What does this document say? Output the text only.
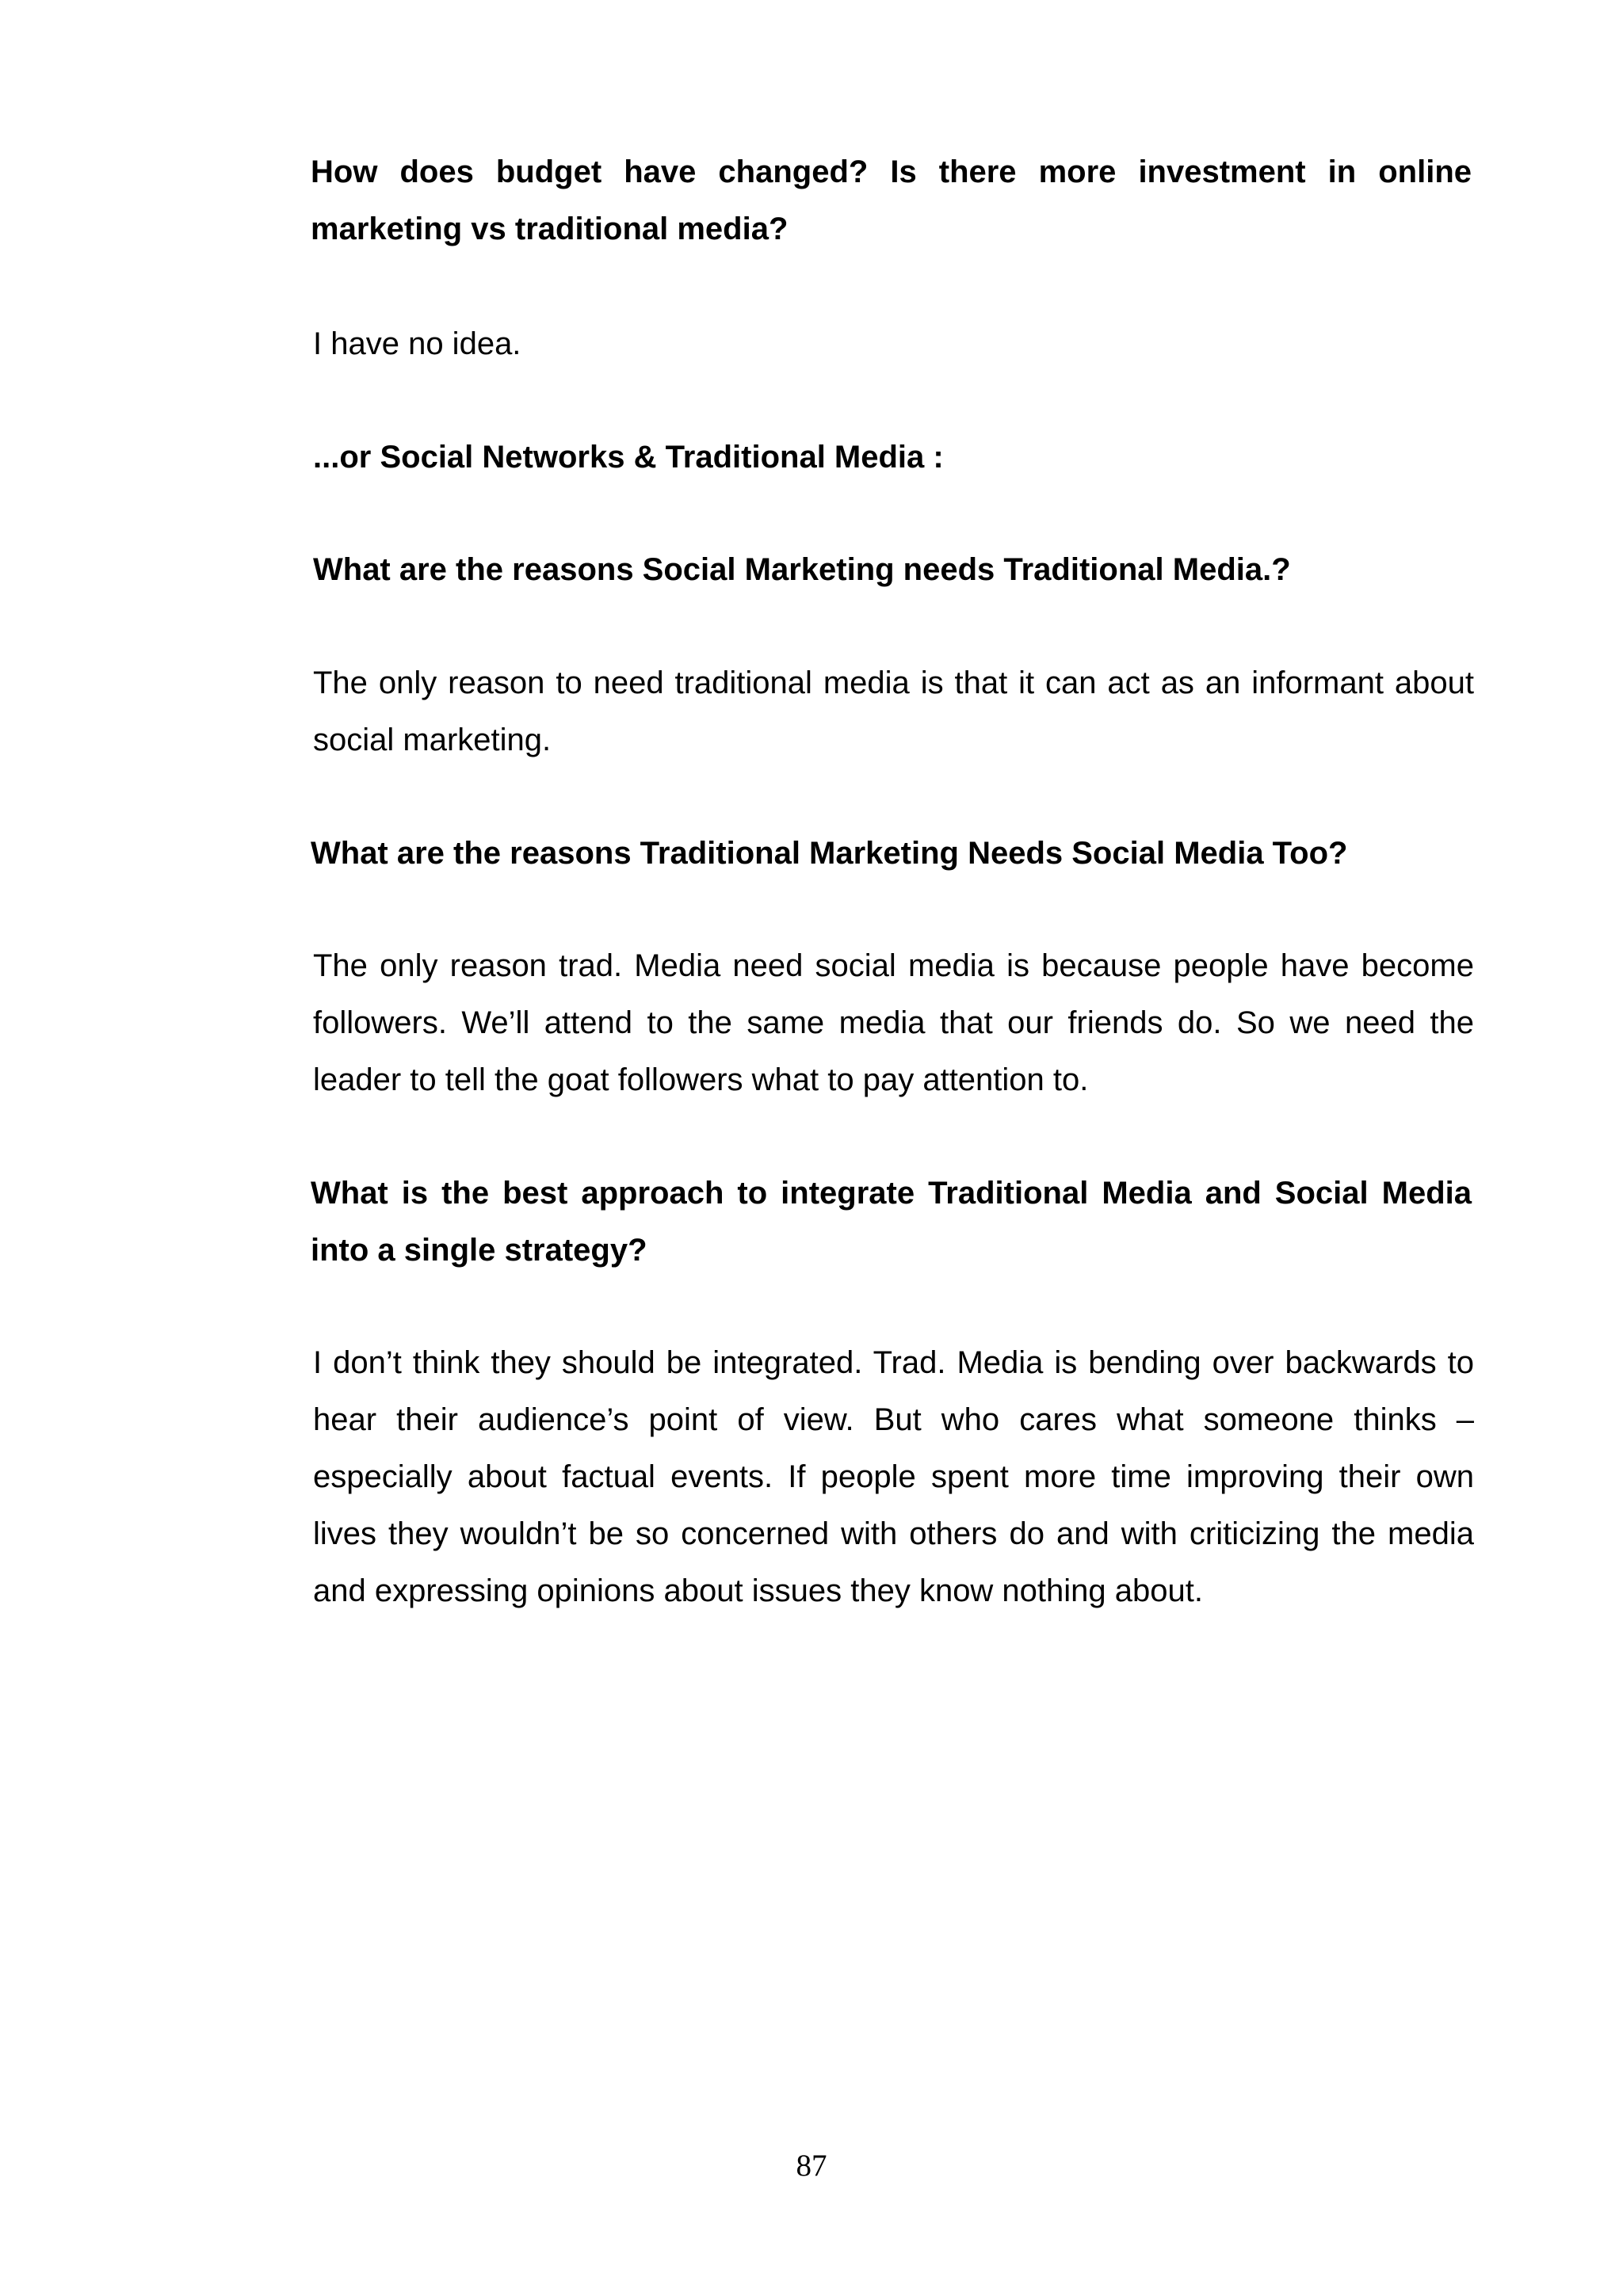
How does budget have changed? Is there more investment in online marketing vs traditional media?

I have no idea.

...or Social Networks & Traditional Media :

What are the reasons Social Marketing needs Traditional Media.?

The only reason to need traditional media is that it can act as an informant about social marketing.

What are the reasons Traditional Marketing Needs Social Media Too?

The only reason trad. Media need social media is because people have become followers. We’ll attend to the same media that our friends do. So we need the leader to tell the goat followers what to pay attention to.

What is the best approach to integrate Traditional Media and Social Media into a single strategy?

I don’t think they should be integrated. Trad. Media is bending over backwards to hear their audience’s point of view. But who cares what someone thinks – especially about factual events. If people spent more time improving their own lives they wouldn’t be so concerned with others do and with criticizing the media and expressing opinions about issues they know nothing about.

87
